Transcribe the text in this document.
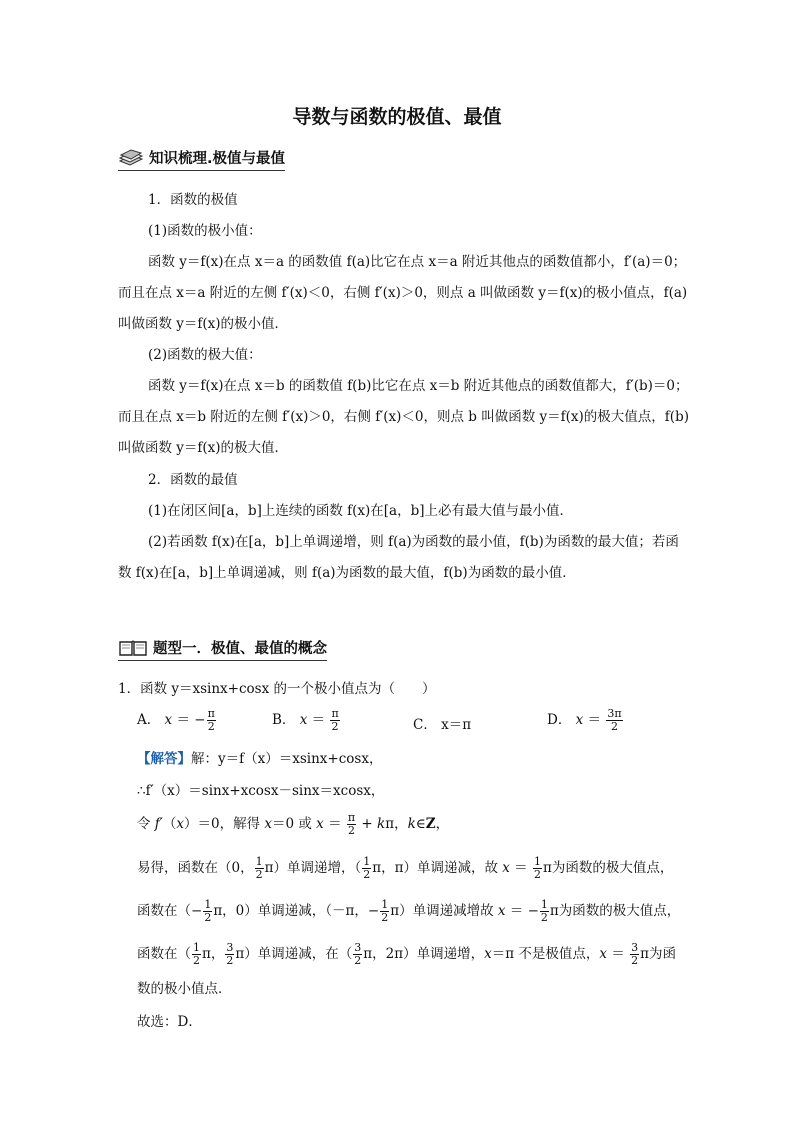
导数与函数的极值、最值
知识梳理.极值与最值
1．函数的极值
(1)函数的极小值：
函数 y＝f(x)在点 x＝a 的函数值 f(a)比它在点 x＝a 附近其他点的函数值都小，f′(a)＝0；
而且在点 x＝a 附近的左侧 f′(x)＜0，右侧 f′(x)＞0，则点 a 叫做函数 y＝f(x)的极小值点，f(a)
叫做函数 y＝f(x)的极小值．
(2)函数的极大值：
函数 y＝f(x)在点 x＝b 的函数值 f(b)比它在点 x＝b 附近其他点的函数值都大，f′(b)＝0；
而且在点 x＝b 附近的左侧 f′(x)＞0，右侧 f′(x)＜0，则点 b 叫做函数 y＝f(x)的极大值点，f(b)
叫做函数 y＝f(x)的极大值．
2．函数的最值
(1)在闭区间[a，b]上连续的函数 f(x)在[a，b]上必有最大值与最小值．
(2)若函数 f(x)在[a，b]上单调递增，则 f(a)为函数的最小值，f(b)为函数的最大值；若函
数 f(x)在[a，b]上单调递减，则 f(a)为函数的最大值，f(b)为函数的最小值．
题型一．极值、最值的概念
1．函数 y＝xsinx+cosx 的一个极小值点为（　　）
A． x ＝ − $\frac{\pi}{2}$	B． $x = \frac{\pi}{2}$	C． x＝π	D． $x = \frac{3\pi}{2}$
【解答】解：y＝f（x）＝xsinx+cosx，
∴f′（x）＝sinx+xcosx－sinx＝xcosx，
令 f′（x）＝0，解得 x＝0 或 $x = \frac{\pi}{2} + k\pi$，k∈Z，
易得，函数在（0， $\frac{1}{2} \pi$）单调递增，（ $\frac{1}{2}$ π，π）单调递减，故 $x = \frac{1}{2}$ π为函数的极大值点，
函数在（− $\frac{1}{2}$ π，0）单调递减，（－π，− $\frac{1}{2} \pi$）单调递减增故 x ＝ − $\frac{1}{2}$ π为函数的极大值点，
函数在（ $\frac{1}{2}$ π， $\frac{3}{2} \pi$）单调递减，在（ $\frac{3}{2}$ π，2π）单调递增，x＝π 不是极值点，$x = \frac{3}{2}$ π为函
数的极小值点．
故选：D．
